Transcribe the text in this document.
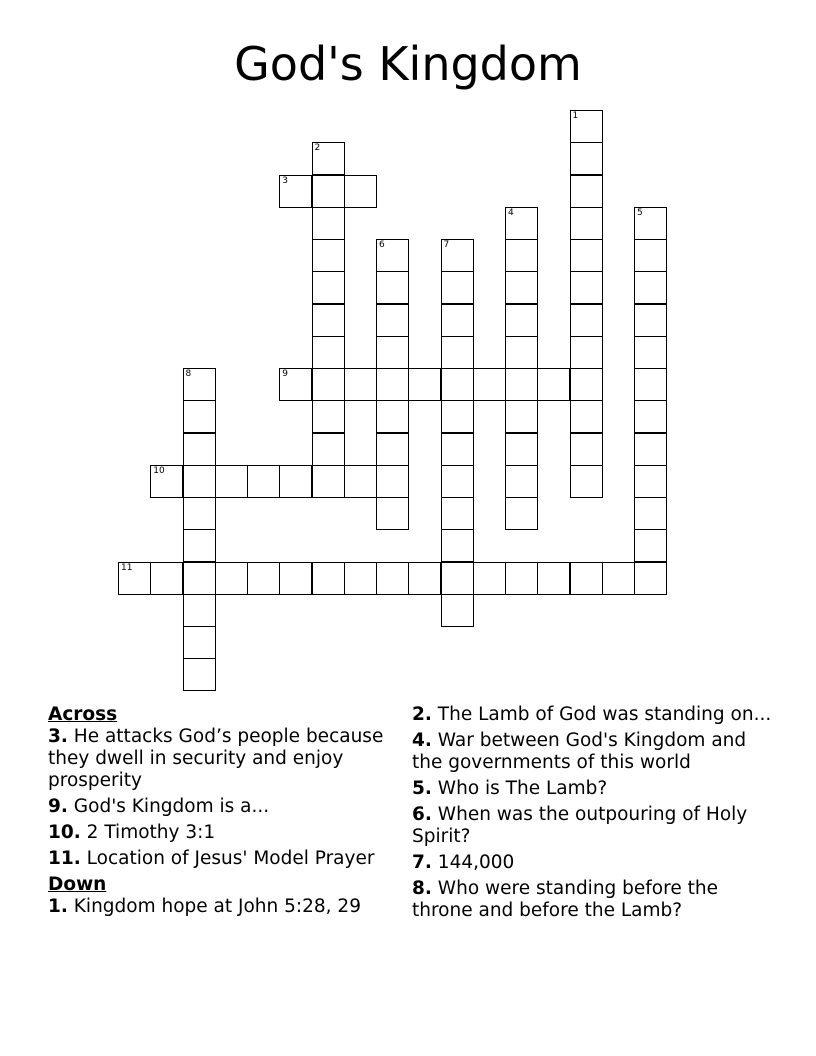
God's Kingdom
1
2
3
4	5
6	7
8	9
10
11
Across
3. He attacks God’s people because they dwell in security and enjoy prosperity
9. God's Kingdom is a...
10. 2 Timothy 3:1
11. Location of Jesus' Model Prayer
Down
1. Kingdom hope at John 5:28, 29
2. The Lamb of God was standing on...
4. War between God's Kingdom and the governments of this world
5. Who is The Lamb?
6. When was the outpouring of Holy Spirit?
7. 144,000
8. Who were standing before the throne and before the Lamb?
